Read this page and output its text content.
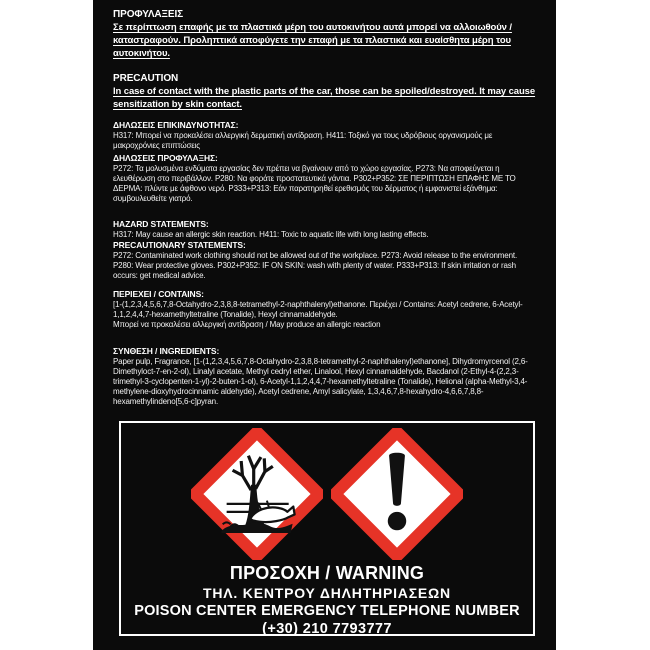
ΠΡΟΦΥΛΑΞΕΙΣ
Σε περίπτωση επαφής με τα πλαστικά μέρη του αυτοκινήτου αυτά μπορεί να αλλοιωθούν / καταστραφούν. Προληπτικά αποφύγετε την επαφή με τα πλαστικά και ευαίσθητα μέρη του αυτοκινήτου.
PRECAUTION
In case of contact with the plastic parts of the car, those can be spoiled/destroyed. It may cause sensitization by skin contact.
ΔΗΛΩΣΕΙΣ ΕΠΙΚΙΝΔΥΝΟΤΗΤΑΣ:
H317: Μπορεί να προκαλέσει αλλεργική δερματική αντίδραση. H411: Τοξικό για τους υδρόβιους οργανισμούς με μακροχρόνιες επιπτώσεις
ΔΗΛΩΣΕΙΣ ΠΡΟΦΥΛΑΞΗΣ:
P272: Τα μολυσμένα ενδύματα εργασίας δεν πρέπει να βγαίνουν από το χώρο εργασίας. P273: Να αποφεύγεται η ελευθέρωση στο περιβάλλον. P280: Να φοράτε προστατευτικά γάντια. P302+P352: ΣΕ ΠΕΡΙΠΤΩΣΗ ΕΠΑΦΗΣ ΜΕ ΤΟ ΔΕΡΜΑ: πλύντε με άφθονο νερό. P333+P313: Εάν παρατηρηθεί ερεθισμός του δέρματος ή εμφανιστεί εξάνθημα: συμβουλευθείτε γιατρό.
HAZARD STATEMENTS:
H317: May cause an allergic skin reaction. H411: Toxic to aquatic life with long lasting effects.
PRECAUTIONARY STATEMENTS:
P272: Contaminated work clothing should not be allowed out of the workplace. P273: Avoid release to the environment. P280: Wear protective gloves. P302+P352: IF ON SKIN: wash with plenty of water. P333+P313: If skin irritation or rash occurs: get medical advice.
ΠΕΡΙΕΧΕΙ / CONTAINS:
[1-(1,2,3,4,5,6,7,8-Octahydro-2,3,8,8-tetramethyl-2-naphthalenyl)ethanone. Περιέχει / Contains: Acetyl cedrene, 6-Acetyl-1,1,2,4,4,7-hexamethyltetraline (Tonalide), Hexyl cinnamaldehyde.
Μπορεί να προκαλέσει αλλεργική αντίδραση / May produce an allergic reaction
ΣΥΝΘΕΣΗ / INGREDIENTS:
Paper pulp, Fragrance, [1-(1,2,3,4,5,6,7,8-Octahydro-2,3,8,8-tetramethyl-2-naphthalenyl)ethanone], Dihydromyrcenol (2,6-Dimethyloct-7-en-2-ol), Linalyl acetate, Methyl cedryl ether, Linalool, Hexyl cinnamaldehyde, Bacdanol (2-Ethyl-4-(2,2,3-trimethyl-3-cyclopenten-1-yl)-2-buten-1-ol), 6-Acetyl-1,1,2,4,4,7-hexamethyltetraline (Tonalide), Helional (alpha-Methyl-3,4-methylene-dioxyhydrocinnamic aldehyde), Acetyl cedrene, Amyl salicylate, 1,3,4,6,7,8-hexahydro-4,6,6,7,8,8-hexamethylindeno[5,6-c]pyran.
ΠΡΟΣΟΧΗ / WARNING
ΤΗΛ. ΚΕΝΤΡΟΥ ΔΗΛΗΤΗΡΙΑΣΕΩΝ
POISON CENTER EMERGENCY TELEPHONE NUMBER
(+30) 210 7793777
